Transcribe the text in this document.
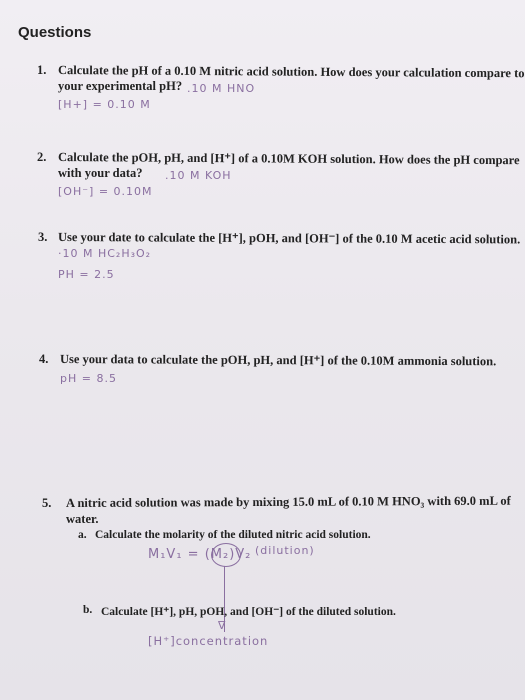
Questions
1. Calculate the pH of a 0.10 M nitric acid solution. How does your calculation compare to
your experimental pH? .10 M HNO
[H+] = 0.10 M
2. Calculate the pOH, pH, and [H⁺] of a 0.10M KOH solution. How does the pH compare
with your data? .10 M KOH
[OH⁻] = 0.10M
3. Use your date to calculate the [H⁺], pOH, and [OH⁻] of the 0.10 M acetic acid solution.
·10 M HC₂H₃O₂
PH = 2.5
4. Use your data to calculate the pOH, pH, and [H⁺] of the 0.10M ammonia solution.
pH = 8.5
5. A nitric acid solution was made by mixing 15.0 mL of 0.10 M HNO₃ with 69.0 mL of
water.
a. Calculate the molarity of the diluted nitric acid solution.
M₁V₁ = (M₂)V₂ (dilution)
b. Calculate [H⁺], pH, pOH, and [OH⁻] of the diluted solution.
∇
[H⁺]concentration
